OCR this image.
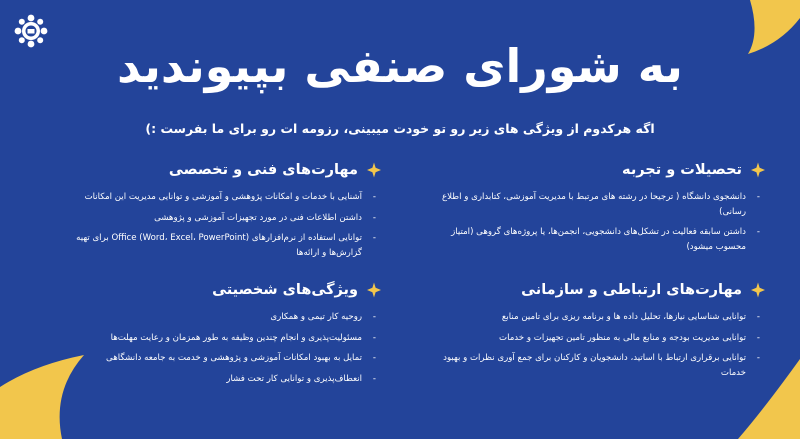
به شورای صنفی بپیوندید
اگه هرکدوم از ویژگی های زیر رو تو خودت میبینی، رزومه ات رو برای ما بفرست :)
تحصیلات و تجربه
- دانشجوی دانشگاه ( ترجیحا در رشته های مرتبط با مدیریت آموزشی، کتابداری و اطلاع رسانی)
- داشتن سابقه فعالیت در تشکل‌های دانشجویی، انجمن‌ها، یا پروژه‌های گروهی (امتیاز محسوب میشود)
مهارت‌های فنی و تخصصی
- آشنایی با خدمات و امکانات پژوهشی و آموزشی و توانایی مدیریت این امکانات
- داشتن اطلاعات فنی در مورد تجهیزات آموزشی و پژوهشی
- توانایی استفاده از نرم‌افزارهای Office (Word، Excel، PowerPoint) برای تهیه گزارش‌ها و ارائه‌ها
مهارت‌های ارتباطی و سازمانی
- توانایی شناسایی نیازها، تحلیل داده ها و برنامه ریزی برای تامین منابع
- توانایی مدیریت بودجه و منابع مالی به منظور تامین تجهیزات و خدمات
- توانایی برقراری ارتباط با اساتید، دانشجویان و کارکنان برای جمع آوری نظرات و بهبود خدمات
ویژگی‌های شخصیتی
- روحیه کار تیمی و همکاری
- مسئولیت‌پذیری و انجام چندین وظیفه به طور همزمان و رعایت مهلت‌ها
- تمایل به بهبود امکانات آموزشی و پژوهشی و خدمت به جامعه دانشگاهی
- انعطاف‌پذیری و توانایی کار تحت فشار
